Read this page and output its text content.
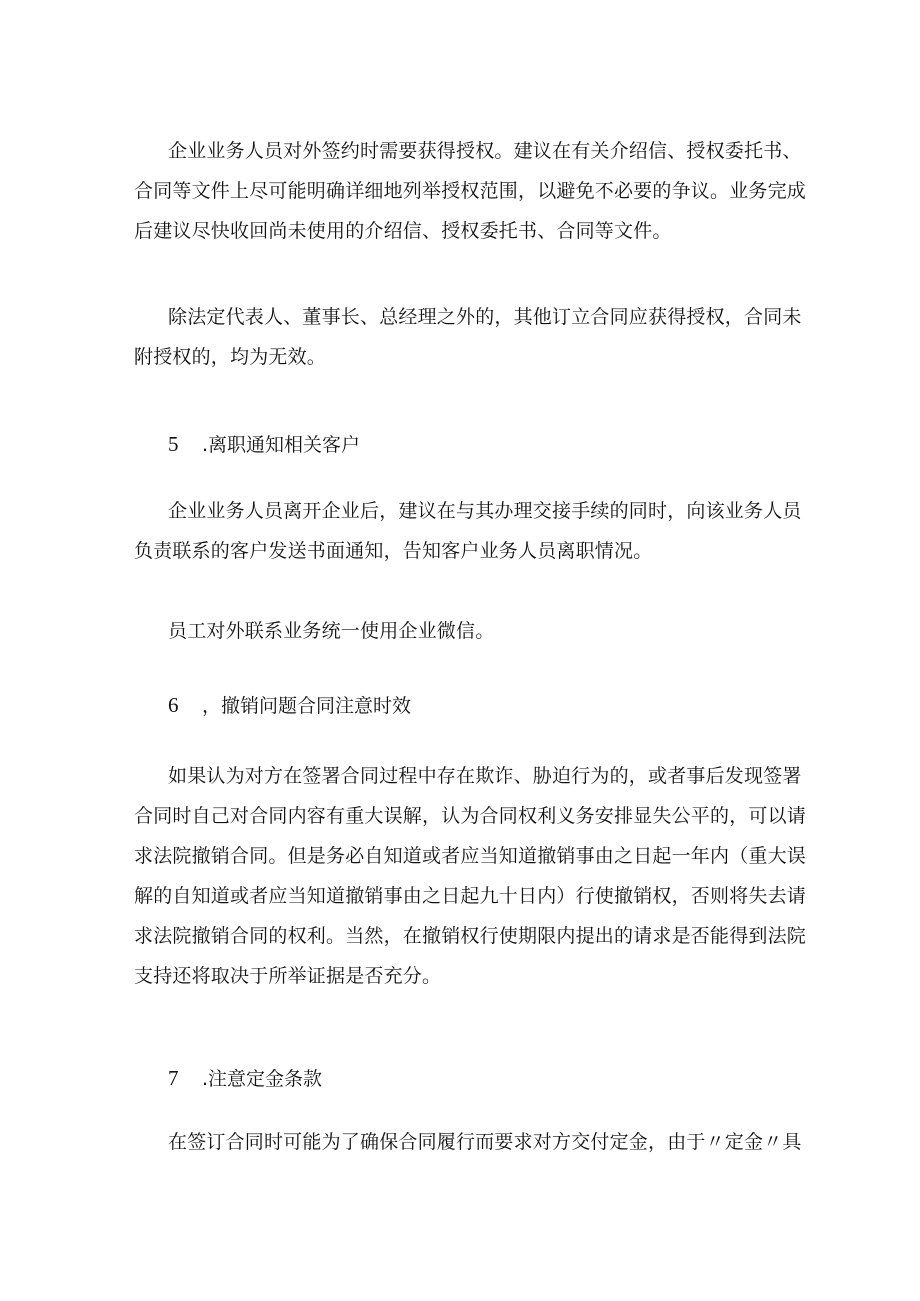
企业业务人员对外签约时需要获得授权。建议在有关介绍信、授权委托书、
合同等文件上尽可能明确详细地列举授权范围，以避免不必要的争议。业务完成
后建议尽快收回尚未使用的介绍信、授权委托书、合同等文件。
除法定代表人、董事长、总经理之外的，其他订立合同应获得授权，合同未
附授权的，均为无效。
5 .离职通知相关客户
企业业务人员离开企业后，建议在与其办理交接手续的同时，向该业务人员
负责联系的客户发送书面通知，告知客户业务人员离职情况。
员工对外联系业务统一使用企业微信。
6 ，撤销问题合同注意时效
如果认为对方在签署合同过程中存在欺诈、胁迫行为的，或者事后发现签署
合同时自己对合同内容有重大误解，认为合同权利义务安排显失公平的，可以请
求法院撤销合同。但是务必自知道或者应当知道撤销事由之日起一年内（重大误
解的自知道或者应当知道撤销事由之日起九十日内）行使撤销权，否则将失去请
求法院撤销合同的权利。当然，在撤销权行使期限内提出的请求是否能得到法院
支持还将取决于所举证据是否充分。
7 .注意定金条款
在签订合同时可能为了确保合同履行而要求对方交付定金，由于〃定金〃具
